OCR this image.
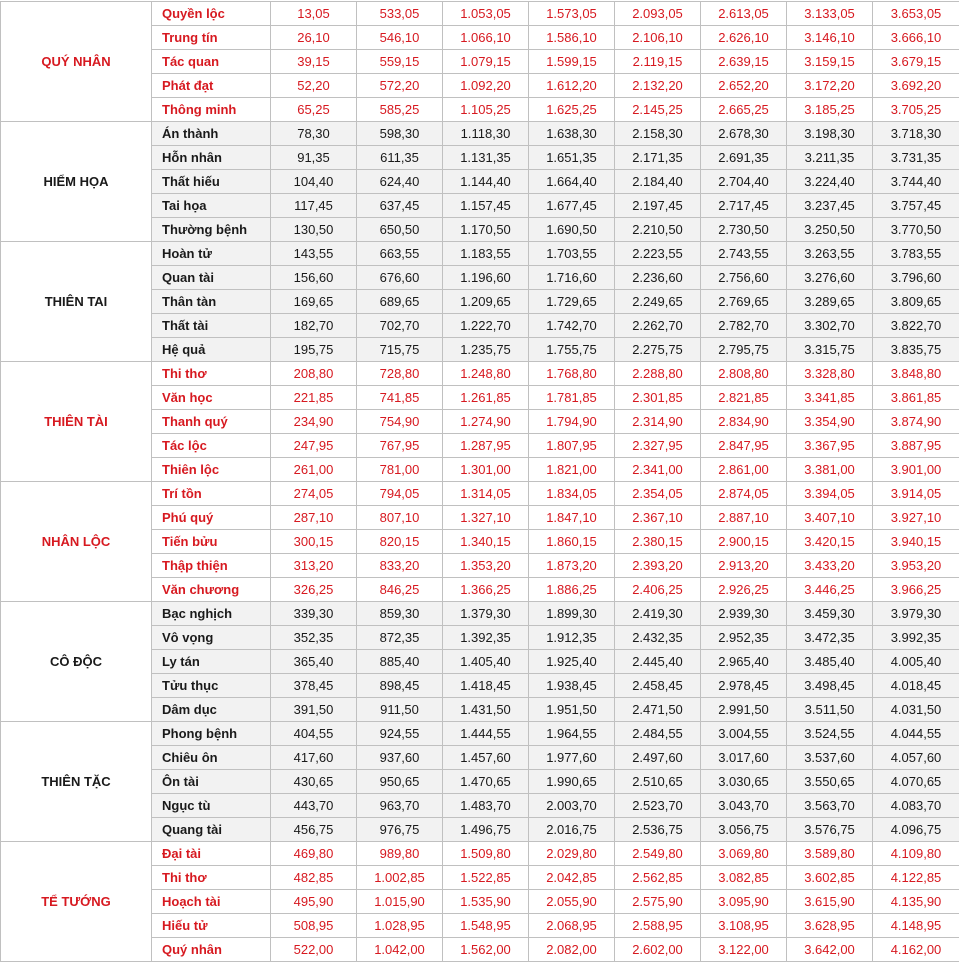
QUÝ NHÂN	Quyền lộc	13,05	533,05	1.053,05	1.573,05	2.093,05	2.613,05	3.133,05	3.653,05
	Trung tín	26,10	546,10	1.066,10	1.586,10	2.106,10	2.626,10	3.146,10	3.666,10
	Tác quan	39,15	559,15	1.079,15	1.599,15	2.119,15	2.639,15	3.159,15	3.679,15
	Phát đạt	52,20	572,20	1.092,20	1.612,20	2.132,20	2.652,20	3.172,20	3.692,20
	Thông minh	65,25	585,25	1.105,25	1.625,25	2.145,25	2.665,25	3.185,25	3.705,25
HIỂM HỌA	Án thành	78,30	598,30	1.118,30	1.638,30	2.158,30	2.678,30	3.198,30	3.718,30
	Hỗn nhân	91,35	611,35	1.131,35	1.651,35	2.171,35	2.691,35	3.211,35	3.731,35
	Thất hiếu	104,40	624,40	1.144,40	1.664,40	2.184,40	2.704,40	3.224,40	3.744,40
	Tai họa	117,45	637,45	1.157,45	1.677,45	2.197,45	2.717,45	3.237,45	3.757,45
	Thường bệnh	130,50	650,50	1.170,50	1.690,50	2.210,50	2.730,50	3.250,50	3.770,50
THIÊN TAI	Hoàn tử	143,55	663,55	1.183,55	1.703,55	2.223,55	2.743,55	3.263,55	3.783,55
	Quan tài	156,60	676,60	1.196,60	1.716,60	2.236,60	2.756,60	3.276,60	3.796,60
	Thân tàn	169,65	689,65	1.209,65	1.729,65	2.249,65	2.769,65	3.289,65	3.809,65
	Thất tài	182,70	702,70	1.222,70	1.742,70	2.262,70	2.782,70	3.302,70	3.822,70
	Hệ quả	195,75	715,75	1.235,75	1.755,75	2.275,75	2.795,75	3.315,75	3.835,75
THIÊN TÀI	Thi thơ	208,80	728,80	1.248,80	1.768,80	2.288,80	2.808,80	3.328,80	3.848,80
	Văn học	221,85	741,85	1.261,85	1.781,85	2.301,85	2.821,85	3.341,85	3.861,85
	Thanh quý	234,90	754,90	1.274,90	1.794,90	2.314,90	2.834,90	3.354,90	3.874,90
	Tác lộc	247,95	767,95	1.287,95	1.807,95	2.327,95	2.847,95	3.367,95	3.887,95
	Thiên lộc	261,00	781,00	1.301,00	1.821,00	2.341,00	2.861,00	3.381,00	3.901,00
NHÂN LỘC	Trí tồn	274,05	794,05	1.314,05	1.834,05	2.354,05	2.874,05	3.394,05	3.914,05
	Phú quý	287,10	807,10	1.327,10	1.847,10	2.367,10	2.887,10	3.407,10	3.927,10
	Tiến bửu	300,15	820,15	1.340,15	1.860,15	2.380,15	2.900,15	3.420,15	3.940,15
	Thập thiện	313,20	833,20	1.353,20	1.873,20	2.393,20	2.913,20	3.433,20	3.953,20
	Văn chương	326,25	846,25	1.366,25	1.886,25	2.406,25	2.926,25	3.446,25	3.966,25
CÔ ĐỘC	Bạc nghịch	339,30	859,30	1.379,30	1.899,30	2.419,30	2.939,30	3.459,30	3.979,30
	Vô vọng	352,35	872,35	1.392,35	1.912,35	2.432,35	2.952,35	3.472,35	3.992,35
	Ly tán	365,40	885,40	1.405,40	1.925,40	2.445,40	2.965,40	3.485,40	4.005,40
	Tửu thục	378,45	898,45	1.418,45	1.938,45	2.458,45	2.978,45	3.498,45	4.018,45
	Dâm dục	391,50	911,50	1.431,50	1.951,50	2.471,50	2.991,50	3.511,50	4.031,50
THIÊN TẶC	Phong bệnh	404,55	924,55	1.444,55	1.964,55	2.484,55	3.004,55	3.524,55	4.044,55
	Chiêu ôn	417,60	937,60	1.457,60	1.977,60	2.497,60	3.017,60	3.537,60	4.057,60
	Ôn tài	430,65	950,65	1.470,65	1.990,65	2.510,65	3.030,65	3.550,65	4.070,65
	Ngục tù	443,70	963,70	1.483,70	2.003,70	2.523,70	3.043,70	3.563,70	4.083,70
	Quang tài	456,75	976,75	1.496,75	2.016,75	2.536,75	3.056,75	3.576,75	4.096,75
TỂ TƯỚNG	Đại tài	469,80	989,80	1.509,80	2.029,80	2.549,80	3.069,80	3.589,80	4.109,80
	Thi thơ	482,85	1.002,85	1.522,85	2.042,85	2.562,85	3.082,85	3.602,85	4.122,85
	Hoạch tài	495,90	1.015,90	1.535,90	2.055,90	2.575,90	3.095,90	3.615,90	4.135,90
	Hiếu tử	508,95	1.028,95	1.548,95	2.068,95	2.588,95	3.108,95	3.628,95	4.148,95
	Quý nhân	522,00	1.042,00	1.562,00	2.082,00	2.602,00	3.122,00	3.642,00	4.162,00
